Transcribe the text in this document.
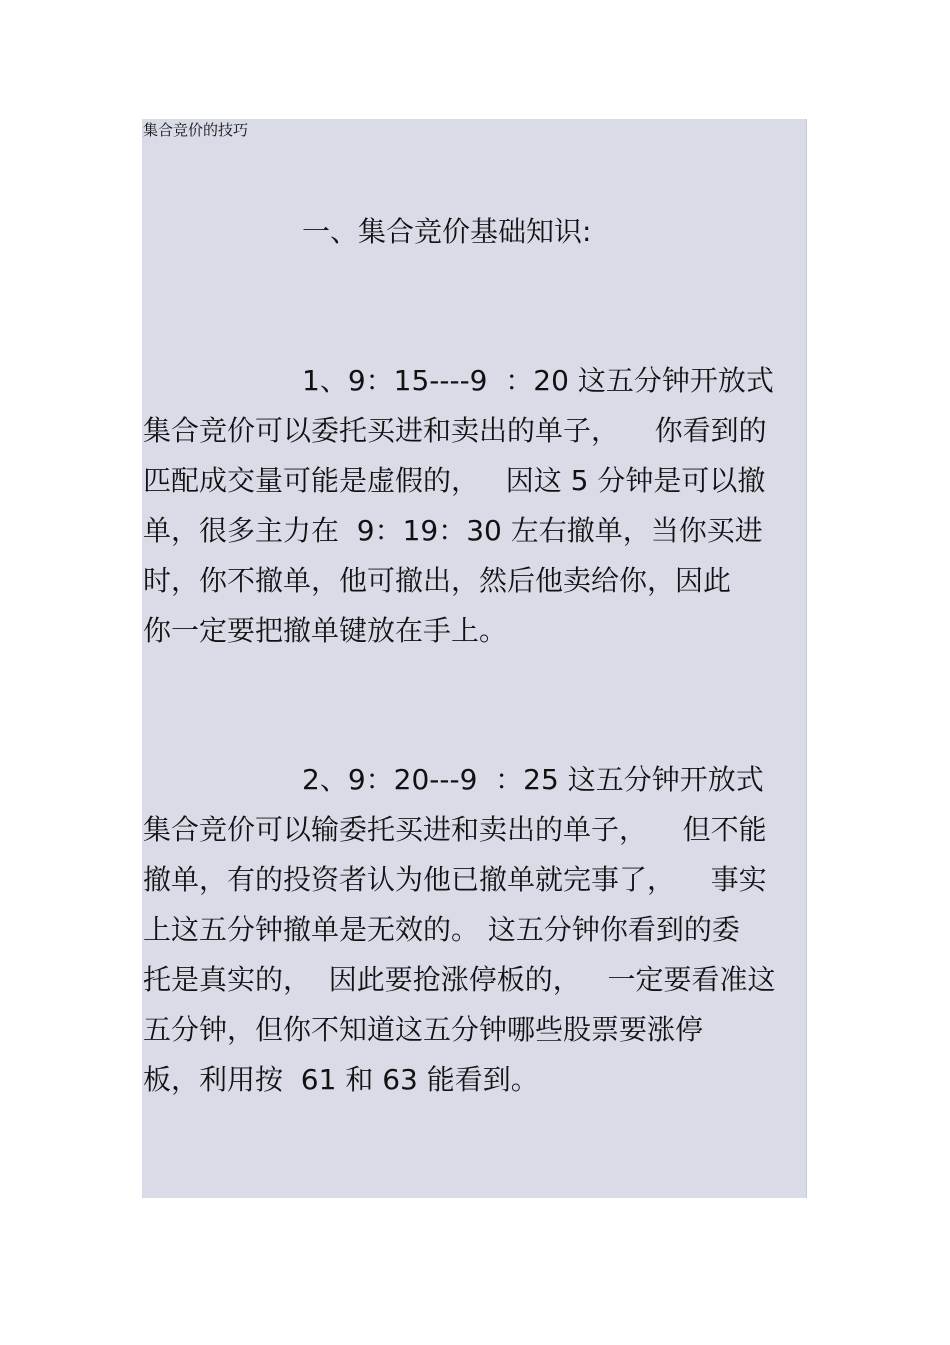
集合竞价的技巧
一、集合竞价基础知识:
1、9：15----9  ：20 这五分钟开放式
集合竞价可以委托买进和卖出的单子，    你看到的
匹配成交量可能是虚假的，   因这 5 分钟是可以撤
单，很多主力在  9：19：30 左右撤单，当你买进
时，你不撤单，他可撤出，然后他卖给你，因此
你一定要把撤单键放在手上。
2、9：20---9  ：25 这五分钟开放式
集合竞价可以输委托买进和卖出的单子，    但不能
撤单，有的投资者认为他已撤单就完事了，    事实
上这五分钟撤单是无效的。 这五分钟你看到的委
托是真实的，  因此要抢涨停板的，   一定要看准这
五分钟，但你不知道这五分钟哪些股票要涨停
板，利用按  61 和 63 能看到。
